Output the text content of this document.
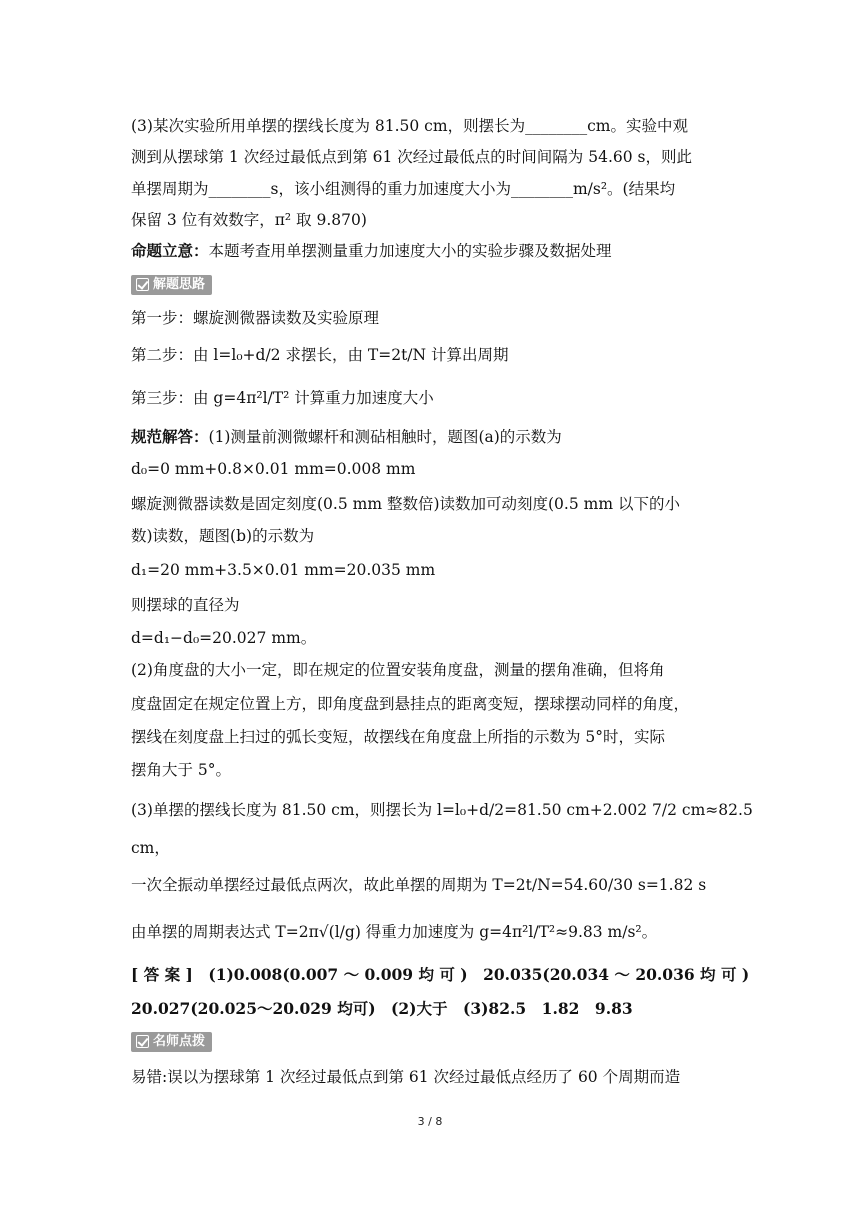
(3)某次实验所用单摆的摆线长度为 81.50 cm，则摆长为________cm。实验中观
测到从摆球第 1 次经过最低点到第 61 次经过最低点的时间间隔为 54.60 s，则此
单摆周期为________s，该小组测得的重力加速度大小为________m/s²。(结果均
保留 3 位有效数字，π² 取 9.870)
命题立意：本题考查用单摆测量重力加速度大小的实验步骤及数据处理
解题思路
第一步：螺旋测微器读数及实验原理
第二步：由 l=l₀+d/2 求摆长，由 T=2t/N 计算出周期
第三步：由 g=4π²l/T² 计算重力加速度大小
规范解答：(1)测量前测微螺杆和测砧相触时，题图(a)的示数为
d₀=0 mm+0.8×0.01 mm=0.008 mm
螺旋测微器读数是固定刻度(0.5 mm 整数倍)读数加可动刻度(0.5 mm 以下的小
数)读数，题图(b)的示数为
d₁=20 mm+3.5×0.01 mm=20.035 mm
则摆球的直径为
d=d₁−d₀=20.027 mm。
(2)角度盘的大小一定，即在规定的位置安装角度盘，测量的摆角准确，但将角
度盘固定在规定位置上方，即角度盘到悬挂点的距离变短，摆球摆动同样的角度，
摆线在刻度盘上扫过的弧长变短，故摆线在角度盘上所指的示数为 5°时，实际
摆角大于 5°。
(3)单摆的摆线长度为 81.50 cm，则摆长为 l=l₀+d/2=81.50 cm+2.002 7/2 cm≈82.5
cm，
一次全振动单摆经过最低点两次，故此单摆的周期为 T=2t/N=54.60/30 s=1.82 s
由单摆的周期表达式 T=2π√(l/g) 得重力加速度为 g=4π²l/T²≈9.83 m/s²。
[ 答 案 ]　(1)0.008(0.007 ～ 0.009 均 可 )　20.035(20.034 ～ 20.036 均 可 )
20.027(20.025～20.029 均可)　(2)大于　(3)82.5　1.82　9.83
名师点拨
易错:误以为摆球第 1 次经过最低点到第 61 次经过最低点经历了 60 个周期而造
3 / 8
